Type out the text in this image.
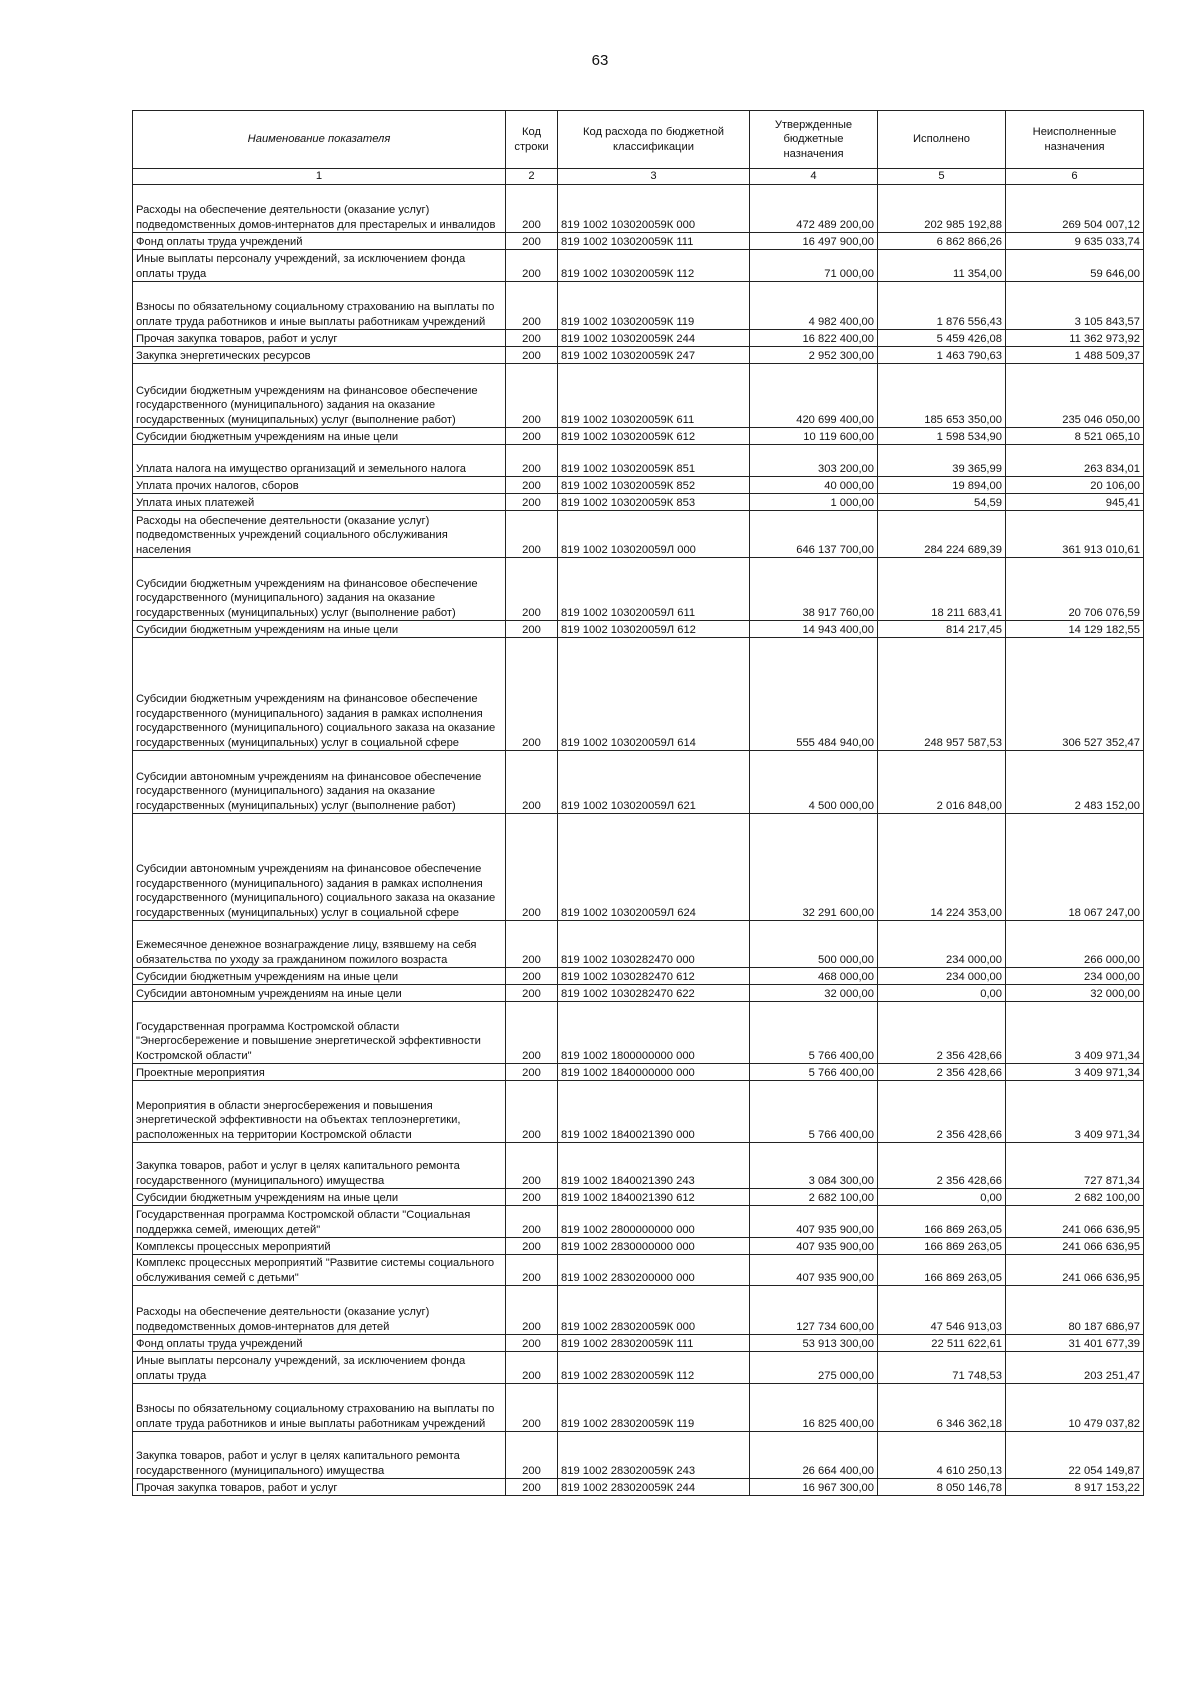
63
Наименование показателя	Код строки	Код расхода по бюджетной классификации	Утвержденные бюджетные назначения	Исполнено	Неисполненные назначения
1	2	3	4	5	6
Расходы на обеспечение деятельности (оказание услуг) подведомственных домов-интернатов для престарелых и инвалидов	200	819 1002 103020059К 000	472 489 200,00	202 985 192,88	269 504 007,12
Фонд оплаты труда учреждений	200	819 1002 103020059К 111	16 497 900,00	6 862 866,26	9 635 033,74
Иные выплаты персоналу учреждений, за исключением фонда оплаты труда	200	819 1002 103020059К 112	71 000,00	11 354,00	59 646,00
Взносы по обязательному социальному страхованию на выплаты по оплате труда работников и иные выплаты работникам учреждений	200	819 1002 103020059К 119	4 982 400,00	1 876 556,43	3 105 843,57
Прочая закупка товаров, работ и услуг	200	819 1002 103020059К 244	16 822 400,00	5 459 426,08	11 362 973,92
Закупка энергетических ресурсов	200	819 1002 103020059К 247	2 952 300,00	1 463 790,63	1 488 509,37
Субсидии бюджетным учреждениям на финансовое обеспечение государственного (муниципального) задания на оказание государственных (муниципальных) услуг (выполнение работ)	200	819 1002 103020059К 611	420 699 400,00	185 653 350,00	235 046 050,00
Субсидии бюджетным учреждениям на иные цели	200	819 1002 103020059К 612	10 119 600,00	1 598 534,90	8 521 065,10
Уплата налога на имущество организаций и земельного налога	200	819 1002 103020059К 851	303 200,00	39 365,99	263 834,01
Уплата прочих налогов, сборов	200	819 1002 103020059К 852	40 000,00	19 894,00	20 106,00
Уплата иных платежей	200	819 1002 103020059К 853	1 000,00	54,59	945,41
Расходы на обеспечение деятельности (оказание услуг) подведомственных учреждений социального обслуживания населения	200	819 1002 103020059Л 000	646 137 700,00	284 224 689,39	361 913 010,61
Субсидии бюджетным учреждениям на финансовое обеспечение государственного (муниципального) задания на оказание государственных (муниципальных) услуг (выполнение работ)	200	819 1002 103020059Л 611	38 917 760,00	18 211 683,41	20 706 076,59
Субсидии бюджетным учреждениям на иные цели	200	819 1002 103020059Л 612	14 943 400,00	814 217,45	14 129 182,55
Субсидии бюджетным учреждениям на финансовое обеспечение государственного (муниципального) задания в рамках исполнения государственного (муниципального) социального заказа на оказание государственных (муниципальных) услуг в социальной сфере	200	819 1002 103020059Л 614	555 484 940,00	248 957 587,53	306 527 352,47
Субсидии автономным учреждениям на финансовое обеспечение государственного (муниципального) задания на оказание государственных (муниципальных) услуг (выполнение работ)	200	819 1002 103020059Л 621	4 500 000,00	2 016 848,00	2 483 152,00
Субсидии автономным учреждениям на финансовое обеспечение государственного (муниципального) задания в рамках исполнения государственного (муниципального) социального заказа на оказание государственных (муниципальных) услуг в социальной сфере	200	819 1002 103020059Л 624	32 291 600,00	14 224 353,00	18 067 247,00
Ежемесячное денежное вознаграждение лицу, взявшему на себя обязательства по уходу за гражданином пожилого возраста	200	819 1002 1030282470 000	500 000,00	234 000,00	266 000,00
Субсидии бюджетным учреждениям на иные цели	200	819 1002 1030282470 612	468 000,00	234 000,00	234 000,00
Субсидии автономным учреждениям на иные цели	200	819 1002 1030282470 622	32 000,00	0,00	32 000,00
Государственная программа Костромской области "Энергосбережение и повышение энергетической эффективности Костромской области"	200	819 1002 1800000000 000	5 766 400,00	2 356 428,66	3 409 971,34
Проектные мероприятия	200	819 1002 1840000000 000	5 766 400,00	2 356 428,66	3 409 971,34
Мероприятия в области энергосбережения и повышения энергетической эффективности на объектах теплоэнергетики, расположенных на территории Костромской области	200	819 1002 1840021390 000	5 766 400,00	2 356 428,66	3 409 971,34
Закупка товаров, работ и услуг в целях капитального ремонта государственного (муниципального) имущества	200	819 1002 1840021390 243	3 084 300,00	2 356 428,66	727 871,34
Субсидии бюджетным учреждениям на иные цели	200	819 1002 1840021390 612	2 682 100,00	0,00	2 682 100,00
Государственная программа Костромской области "Социальная поддержка семей, имеющих детей"	200	819 1002 2800000000 000	407 935 900,00	166 869 263,05	241 066 636,95
Комплексы процессных мероприятий	200	819 1002 2830000000 000	407 935 900,00	166 869 263,05	241 066 636,95
Комплекс процессных мероприятий "Развитие системы социального обслуживания семей с детьми"	200	819 1002 2830200000 000	407 935 900,00	166 869 263,05	241 066 636,95
Расходы на обеспечение деятельности (оказание услуг) подведомственных домов-интернатов для детей	200	819 1002 283020059К 000	127 734 600,00	47 546 913,03	80 187 686,97
Фонд оплаты труда учреждений	200	819 1002 283020059К 111	53 913 300,00	22 511 622,61	31 401 677,39
Иные выплаты персоналу учреждений, за исключением фонда оплаты труда	200	819 1002 283020059К 112	275 000,00	71 748,53	203 251,47
Взносы по обязательному социальному страхованию на выплаты по оплате труда работников и иные выплаты работникам учреждений	200	819 1002 283020059К 119	16 825 400,00	6 346 362,18	10 479 037,82
Закупка товаров, работ и услуг в целях капитального ремонта государственного (муниципального) имущества	200	819 1002 283020059К 243	26 664 400,00	4 610 250,13	22 054 149,87
Прочая закупка товаров, работ и услуг	200	819 1002 283020059К 244	16 967 300,00	8 050 146,78	8 917 153,22
